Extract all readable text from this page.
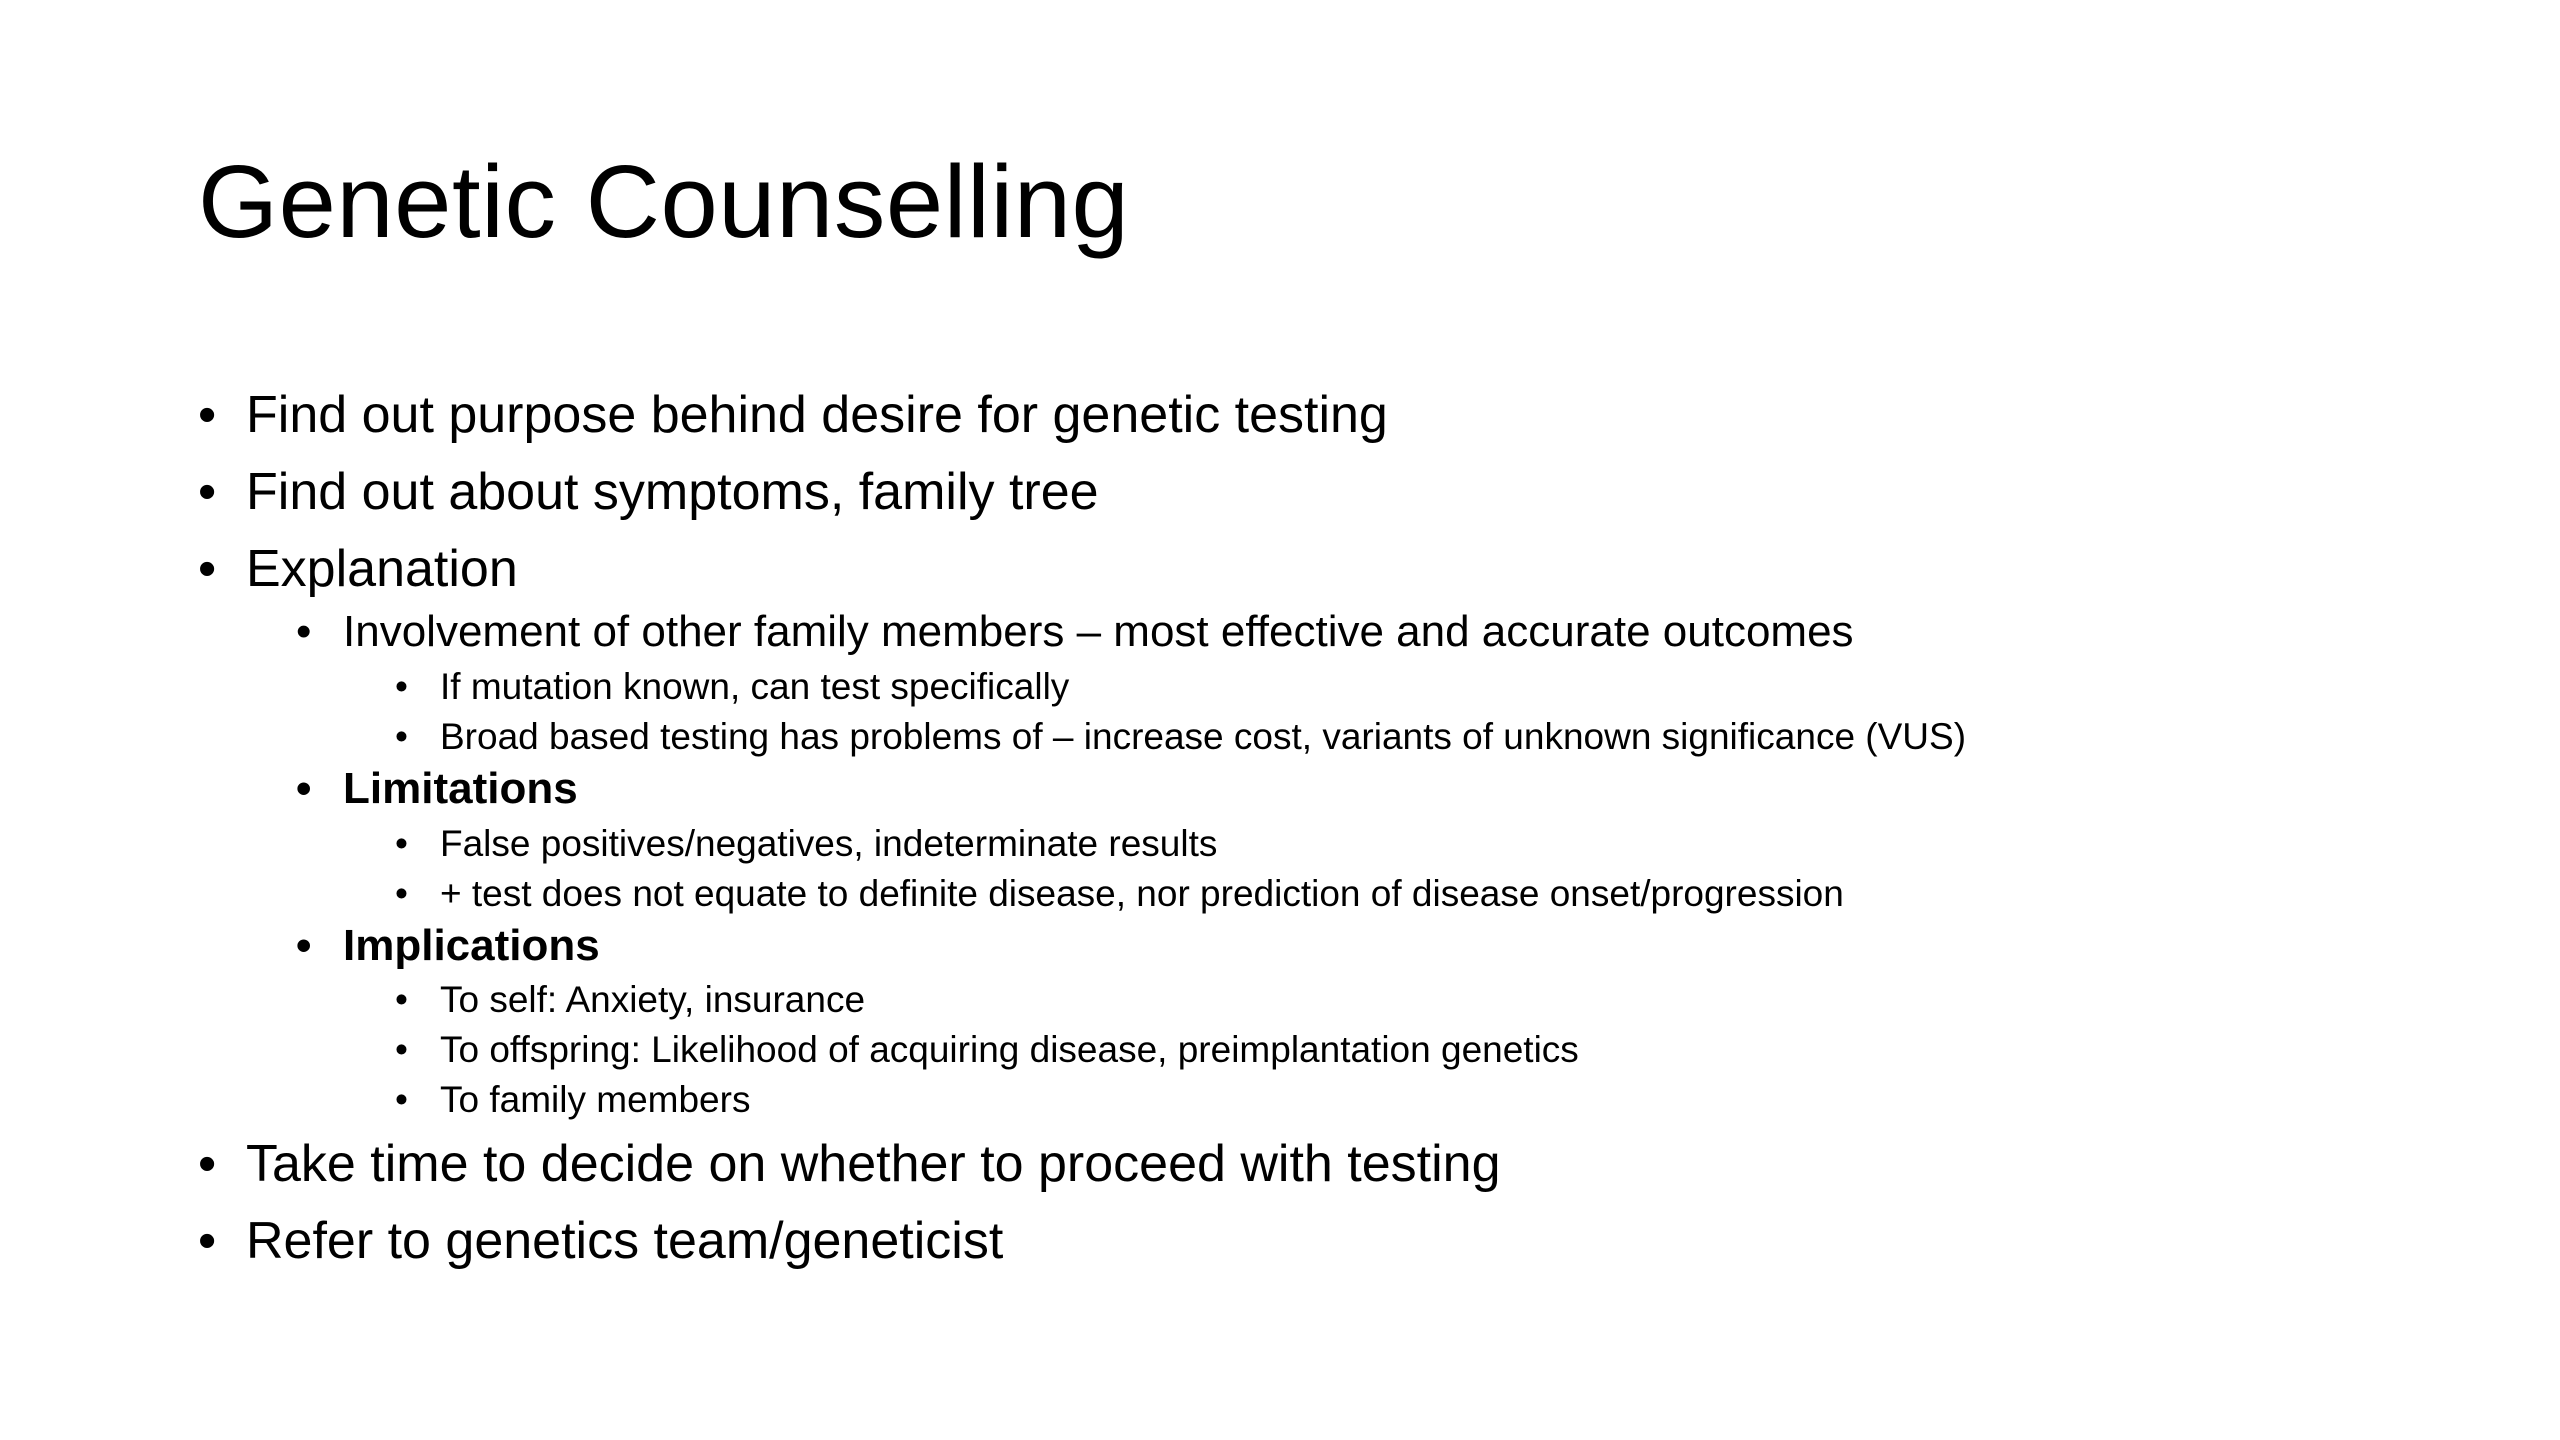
Genetic Counselling
• Find out purpose behind desire for genetic testing
• Find out about symptoms, family tree
• Explanation
• Involvement of other family members – most effective and accurate outcomes
• If mutation known, can test specifically
• Broad based testing has problems of – increase cost, variants of unknown significance (VUS)
• Limitations
• False positives/negatives, indeterminate results
• + test does not equate to definite disease, nor prediction of disease onset/progression
• Implications
• To self: Anxiety, insurance
• To offspring: Likelihood of acquiring disease, preimplantation genetics
• To family members
• Take time to decide on whether to proceed with testing
• Refer to genetics team/geneticist
